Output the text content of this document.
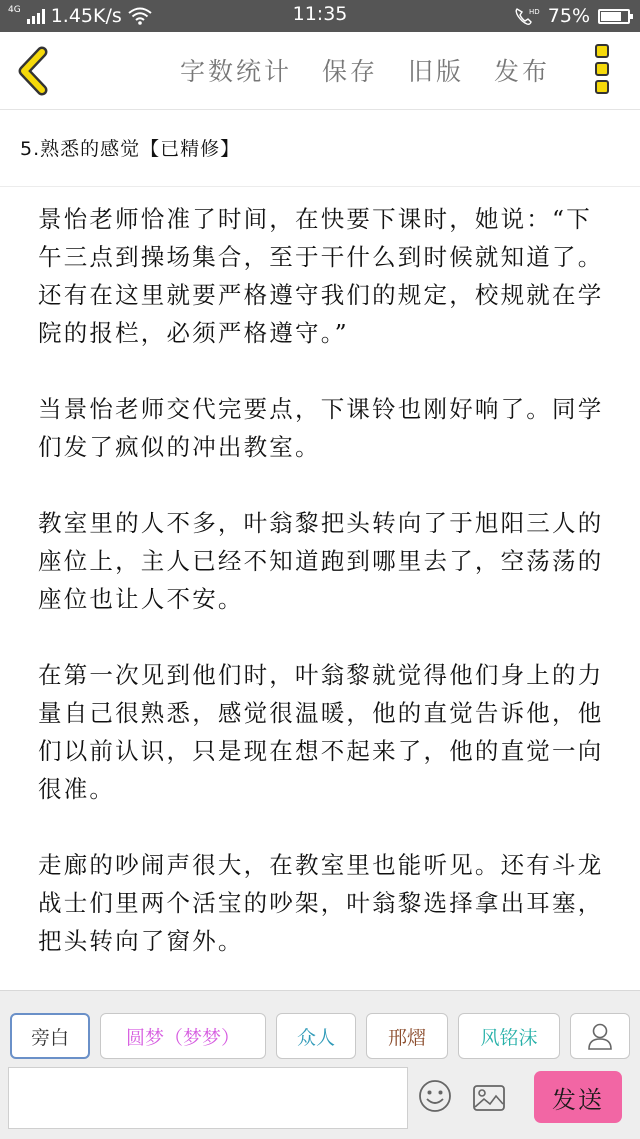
4G 1.45K/s	11:35	HD 75%
字数统计 保存 旧版 发布
5.熟悉的感觉【已精修】

景怡老师恰准了时间，在快要下课时，她说：“下午三点到操场集合，至于干什么到时候就知道了。还有在这里就要严格遵守我们的规定，校规就在学院的报栏，必须严格遵守。”

当景怡老师交代完要点，下课铃也刚好响了。同学们发了疯似的冲出教室。

教室里的人不多，叶翁黎把头转向了于旭阳三人的座位上，主人已经不知道跑到哪里去了，空荡荡的座位也让人不安。

在第一次见到他们时，叶翁黎就觉得他们身上的力量自己很熟悉，感觉很温暖，他的直觉告诉他，他们以前认识，只是现在想不起来了，他的直觉一向很准。

走廊的吵闹声很大，在教室里也能听见。还有斗龙战士们里两个活宝的吵架，叶翁黎选择拿出耳塞，把头转向了窗外。

旁白	圆梦（梦梦）	众人	邢熠	风铭沫
发送
